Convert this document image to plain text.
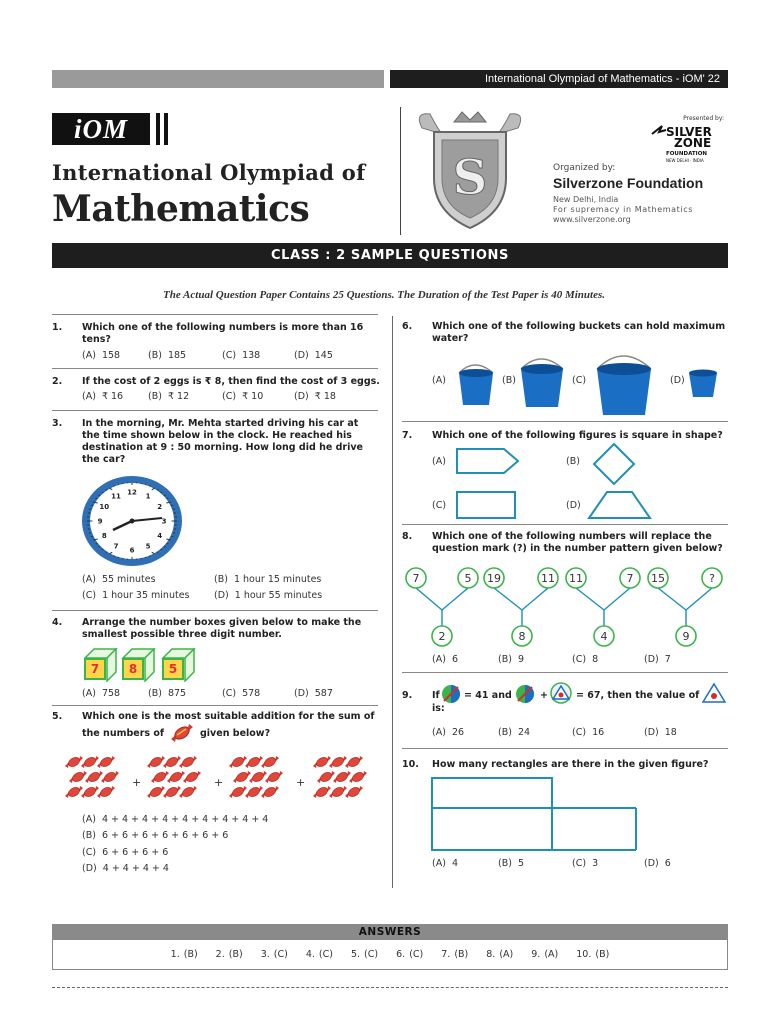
International Olympiad of Mathematics - iOM' 22
iOM
International Olympiad of
Mathematics
S
Presented by:
SILVER
ZONE
FOUNDATION
NEW DELHI · INDIA
Organized by:
Silverzone Foundation
New Delhi, India
For supremacy in Mathematics
www.silverzone.org
CLASS : 2 SAMPLE QUESTIONS
The Actual Question Paper Contains 25 Questions. The Duration of the Test Paper is 40 Minutes.
1. Which one of the following numbers is more than 16 tens?
(A)  158	(B)  185	(C)  138	(D)  145
2. If the cost of 2 eggs is ₹ 8, then find the cost of 3 eggs.
(A)  ₹ 16	(B)  ₹ 12	(C)  ₹ 10	(D)  ₹ 18
3. In the morning, Mr. Mehta started driving his car at the time shown below in the clock. He reached his destination at 9 : 50 morning. How long did he drive the car?
12 1
2
3
4
5
6
7
8
9
10
11
(A)  55 minutes	(B)  1 hour 15 minutes
(C)  1 hour 35 minutes	(D)  1 hour 55 minutes
4. Arrange the number boxes given below to make the smallest possible three digit number.
7	8	5
(A)  758	(B)  875	(C)  578	(D)  587
5. Which one is the most suitable addition for the sum of
the numbers of	given below?
+	+	+
(A)  4 + 4 + 4 + 4 + 4 + 4 + 4 + 4 + 4
(B)  6 + 6 + 6 + 6 + 6 + 6 + 6
(C)  6 + 6 + 6 + 6
(D)  4 + 4 + 4 + 4
6. Which one of the following buckets can hold maximum water?
(A)	(B)	(C)	(D)
7. Which one of the following figures is square in shape?
(A)	(B)
(C)	(D)
8. Which one of the following numbers will replace the question mark (?) in the number pattern given below?
7	5 19	11 11	7 15	?
2	8	4	9
(A)  6	(B)  9	(C)  8	(D)  7
9. If	= 41 and	+	= 67, then the value of
is:
(A)  26	(B)  24	(C)  16	(D)  18
10. How many rectangles are there in the given figure?
(A)  4	(B)  5	(C)  3	(D)  6
ANSWERS
1. (B) 2. (B) 3. (C) 4. (C) 5. (C) 6. (C) 7. (B) 8. (A) 9. (A) 10. (B)
